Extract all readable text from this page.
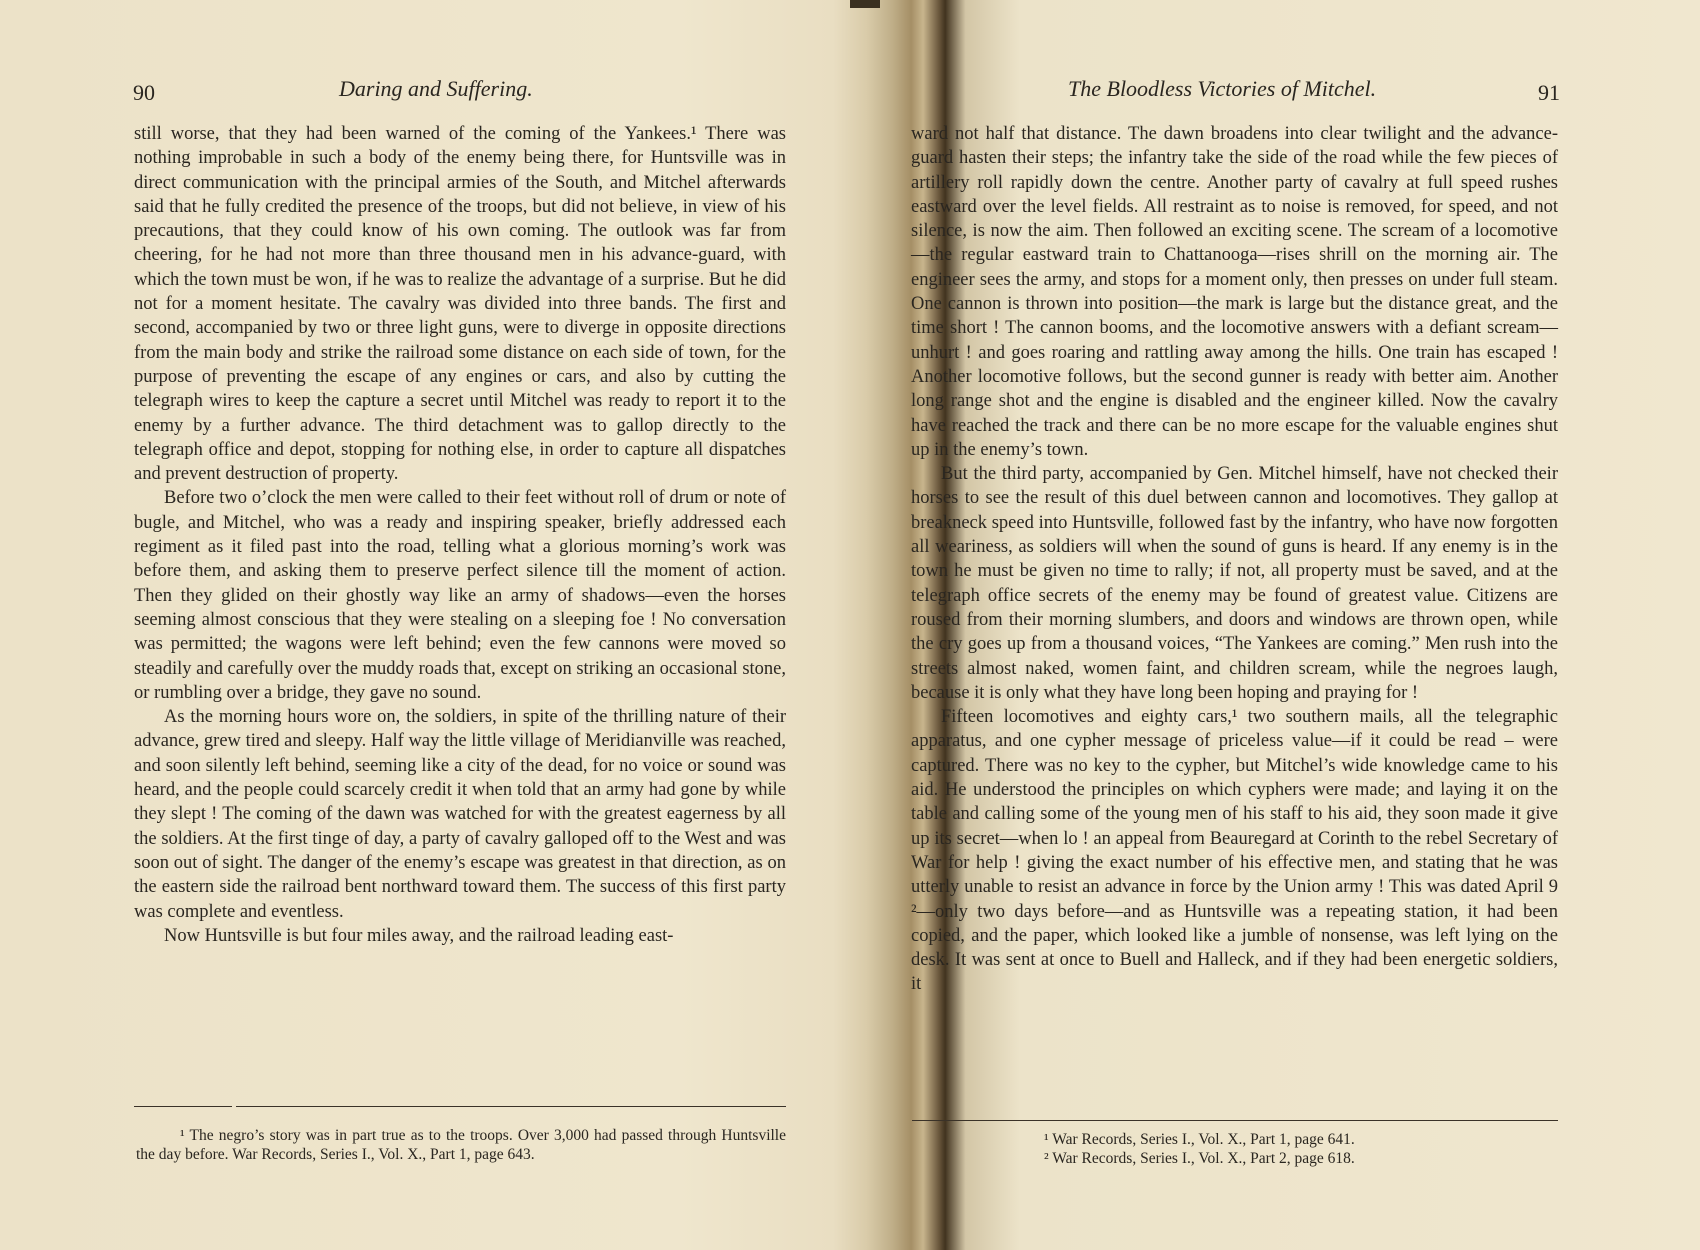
90	Daring and Suffering.

still worse, that they had been warned of the coming of the Yankees.¹ There was nothing improbable in such a body of the enemy being there, for Huntsville was in direct communication with the principal armies of the South, and Mitchel afterwards said that he fully credited the presence of the troops, but did not believe, in view of his precautions, that they could know of his own coming. The outlook was far from cheering, for he had not more than three thousand men in his advance-guard, with which the town must be won, if he was to realize the advantage of a surprise. But he did not for a moment hesitate. The cavalry was divided into three bands. The first and second, accompanied by two or three light guns, were to diverge in opposite directions from the main body and strike the railroad some distance on each side of town, for the purpose of preventing the escape of any engines or cars, and also by cutting the telegraph wires to keep the capture a secret until Mitchel was ready to report it to the enemy by a further advance. The third detachment was to gallop directly to the telegraph office and depot, stopping for nothing else, in order to capture all dispatches and prevent destruction of property.

Before two o’clock the men were called to their feet without roll of drum or note of bugle, and Mitchel, who was a ready and inspiring speaker, briefly addressed each regiment as it filed past into the road, telling what a glorious morning’s work was before them, and asking them to preserve perfect silence till the moment of action. Then they glided on their ghostly way like an army of shadows—even the horses seeming almost conscious that they were stealing on a sleeping foe ! No conversation was permitted; the wagons were left behind; even the few cannons were moved so steadily and carefully over the muddy roads that, except on striking an occasional stone, or rumbling over a bridge, they gave no sound.

As the morning hours wore on, the soldiers, in spite of the thrilling nature of their advance, grew tired and sleepy. Half way the little village of Meridianville was reached, and soon silently left behind, seeming like a city of the dead, for no voice or sound was heard, and the people could scarcely credit it when told that an army had gone by while they slept ! The coming of the dawn was watched for with the greatest eagerness by all the soldiers. At the first tinge of day, a party of cavalry galloped off to the West and was soon out of sight. The danger of the enemy’s escape was greatest in that direction, as on the eastern side the railroad bent northward toward them. The success of this first party was complete and eventless.

Now Huntsville is but four miles away, and the railroad leading east-

¹ The negro’s story was in part true as to the troops. Over 3,000 had passed through Huntsville the day before. War Records, Series I., Vol. X., Part 1, page 643.

The Bloodless Victories of Mitchel.	91

ward not half that distance. The dawn broadens into clear twilight and the advance-guard hasten their steps; the infantry take the side of the road while the few pieces of artillery roll rapidly down the centre. Another party of cavalry at full speed rushes eastward over the level fields. All restraint as to noise is removed, for speed, and not silence, is now the aim. Then followed an exciting scene. The scream of a locomotive —the regular eastward train to Chattanooga—rises shrill on the morning air. The engineer sees the army, and stops for a moment only, then presses on under full steam. One cannon is thrown into position—the mark is large but the distance great, and the time short ! The cannon booms, and the locomotive answers with a defiant scream—unhurt ! and goes roaring and rattling away among the hills. One train has escaped ! Another locomotive follows, but the second gunner is ready with better aim. Another long range shot and the engine is disabled and the engineer killed. Now the cavalry have reached the track and there can be no more escape for the valuable engines shut up in the enemy’s town.

But the third party, accompanied by Gen. Mitchel himself, have not checked their horses to see the result of this duel between cannon and locomotives. They gallop at breakneck speed into Huntsville, followed fast by the infantry, who have now forgotten all weariness, as soldiers will when the sound of guns is heard. If any enemy is in the town he must be given no time to rally; if not, all property must be saved, and at the telegraph office secrets of the enemy may be found of greatest value. Citizens are roused from their morning slumbers, and doors and windows are thrown open, while the cry goes up from a thousand voices, “The Yankees are coming.” Men rush into the streets almost naked, women faint, and children scream, while the negroes laugh, because it is only what they have long been hoping and praying for !

Fifteen locomotives and eighty cars,¹ two southern mails, all the telegraphic apparatus, and one cypher message of priceless value—if it could be read – were captured. There was no key to the cypher, but Mitchel’s wide knowledge came to his aid. He understood the principles on which cyphers were made; and laying it on the table and calling some of the young men of his staff to his aid, they soon made it give up its secret—when lo ! an appeal from Beauregard at Corinth to the rebel Secretary of War for help ! giving the exact number of his effective men, and stating that he was utterly unable to resist an advance in force by the Union army ! This was dated April 9 ²—only two days before—and as Huntsville was a repeating station, it had been copied, and the paper, which looked like a jumble of nonsense, was left lying on the desk. It was sent at once to Buell and Halleck, and if they had been energetic soldiers, it

¹ War Records, Series I., Vol. X., Part 1, page 641.

² War Records, Series I., Vol. X., Part 2, page 618.
